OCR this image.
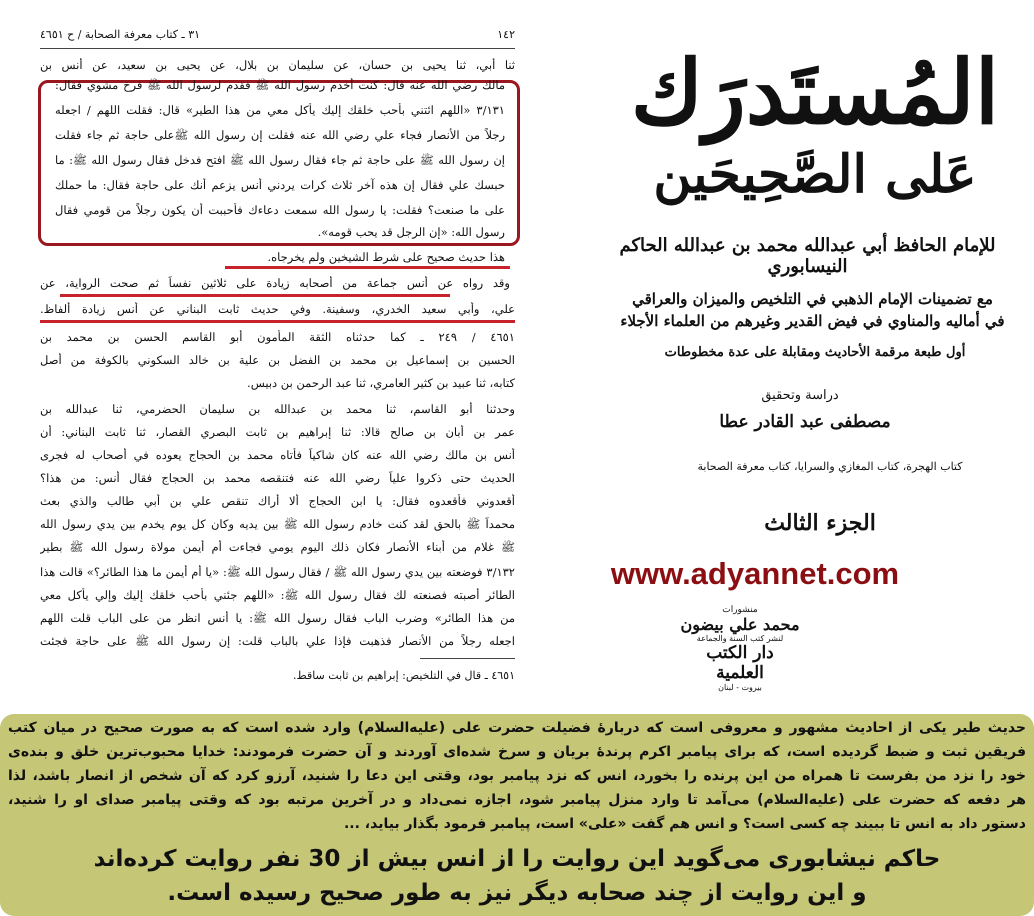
١٤٢
٣١ ـ كتاب معرفة الصحابة / ح ٤٦٥١
ثنا أبي، ثنا يحيى بن حسان، عن سليمان بن بلال، عن يحيى بن سعيد، عن أنس بن
مالك رضي الله عنه قال: كنت أخدم رسول الله ﷺ فقدم لرسول الله ﷺ فرخ مشوي فقال:
٣/١٣١ «اللهم ائتني بأحب خلقك إليك يأكل معي من هذا الطير» قال: فقلت اللهم / اجعله
رجلاً من الأنصار فجاء علي رضي الله عنه فقلت إن رسول الله ﷺعلى حاجة ثم جاء فقلت
إن رسول الله ﷺ على حاجة ثم جاء فقال رسول الله ﷺ افتح فدخل فقال رسول الله ﷺ: ما
حبسك علي فقال إن هذه آخر ثلاث كرات يردني أنس يزعم أنك على حاجة فقال: ما حملك
على ما صنعت؟ فقلت: يا رسول الله سمعت دعاءك فأحببت أن يكون رجلاً من قومي فقال
رسول الله: «إن الرجل قد يحب قومه».
هذا حديث صحيح على شرط الشيخين ولم يخرجاه.
وقد رواه عن أنس جماعة من أصحابه زيادة على ثلاثين نفساً ثم صحت الرواية، عن
علي، وأبي سعيد الخدري، وسفينة. وفي حديث ثابت البناني عن أنس زيادة ألفاظ.
٤٦٥١ / ٢٤٩ ـ كما حدثناه الثقة المأمون أبو القاسم الحسن بن محمد بن
الحسين بن إسماعيل بن محمد بن الفضل بن علية بن خالد السكوني بالكوفة من أصل
كتابه، ثنا عبيد بن كثير العامري، ثنا عبد الرحمن بن دبيس.
وحدثنا أبو القاسم، ثنا محمد بن عبدالله بن سليمان الحضرمي، ثنا عبدالله بن
عمر بن أبان بن صالح قالا: ثنا إبراهيم بن ثابت البصري القصار، ثنا ثابت البناني: أن
أنس بن مالك رضي الله عنه كان شاكياً فأتاه محمد بن الحجاج يعوده في أصحاب له فجرى
الحديث حتى ذكروا علياً رضي الله عنه فتنقصه محمد بن الحجاج فقال أنس: من هذا؟
أقعدوني فأقعدوه فقال: يا ابن الحجاج ألا أراك تنقص علي بن أبي طالب والذي بعث
محمداً ﷺ بالحق لقد كنت خادم رسول الله ﷺ بين يديه وكان كل يوم يخدم بين يدي رسول الله
ﷺ غلام من أبناء الأنصار فكان ذلك اليوم يومي فجاءت أم أيمن مولاة رسول الله ﷺ بطير
٣/١٣٢ فوضعته بين يدي رسول الله ﷺ / فقال رسول الله ﷺ: «يا أم أيمن ما هذا الطائر؟» قالت هذا
الطائر أصبته فصنعته لك فقال رسول الله ﷺ: «اللهم جئني بأحب خلقك إليك وإلي يأكل معي
من هذا الطائر» وضرب الباب فقال رسول الله ﷺ: يا أنس انظر من على الباب قلت اللهم
اجعله رجلاً من الأنصار فذهبت فإذا علي بالباب قلت: إن رسول الله ﷺ على حاجة فجئت
٤٦٥١ ـ قال في التلخيص: إبراهيم بن ثابت ساقط.
المُستَدرَك
عَلى الصَّحِيحَين
للإمام الحافظ أبي عبدالله محمد بن عبدالله الحاكم النيسابوري
مع تضمينات الإمام الذهبي في التلخيص والميزان والعراقي
في أماليه والمناوي في فيض القدير وغيرهم من العلماء الأجلاء
أول طبعة مرقمة الأحاديث ومقابلة على عدة مخطوطات
دراسة وتحقيق
مصطفى عبد القادر عطا
كتاب الهجرة، كتاب المغازي والسرايا، كتاب معرفة الصحابة
الجزء الثالث
www.adyannet.com
منشورات
محمد علي بيضون
لنشر كتب السنة والجماعة
دار الكتب العلمية
بيروت - لبنان
حدیث طیر یکی از احادیث مشهور و معروفی است که دربارهٔ فضیلت حضرت علی (علیه‌السلام) وارد شده است که به صورت صحیح در میان کتب
فریقین ثبت و ضبط گردیده است، که برای پیامبر اکرم پرندهٔ بریان و سرخ شده‌ای آوردند و آن حضرت فرمودند: خدایا محبوب‌ترین خلق و بنده‌ی
خود را نزد من بفرست تا همراه من این پرنده را بخورد، انس که نزد پیامبر بود، وقتی این دعا را شنید، آرزو کرد که آن شخص از انصار باشد، لذا
هر دفعه که حضرت علی (علیه‌السلام) می‌آمد تا وارد منزل پیامبر شود، اجازه نمی‌داد و در آخرین مرتبه بود که وقتی پیامبر صدای او را شنید،
دستور داد به انس تا ببیند چه کسی است؟ و انس هم گفت «علی» است، پیامبر فرمود بگذار بیاید، ...
حاکم نیشابوری می‌گوید این روایت را از انس بیش از 30 نفر روایت کرده‌اند
و این روایت از چند صحابه دیگر نیز به طور صحیح رسیده است.
